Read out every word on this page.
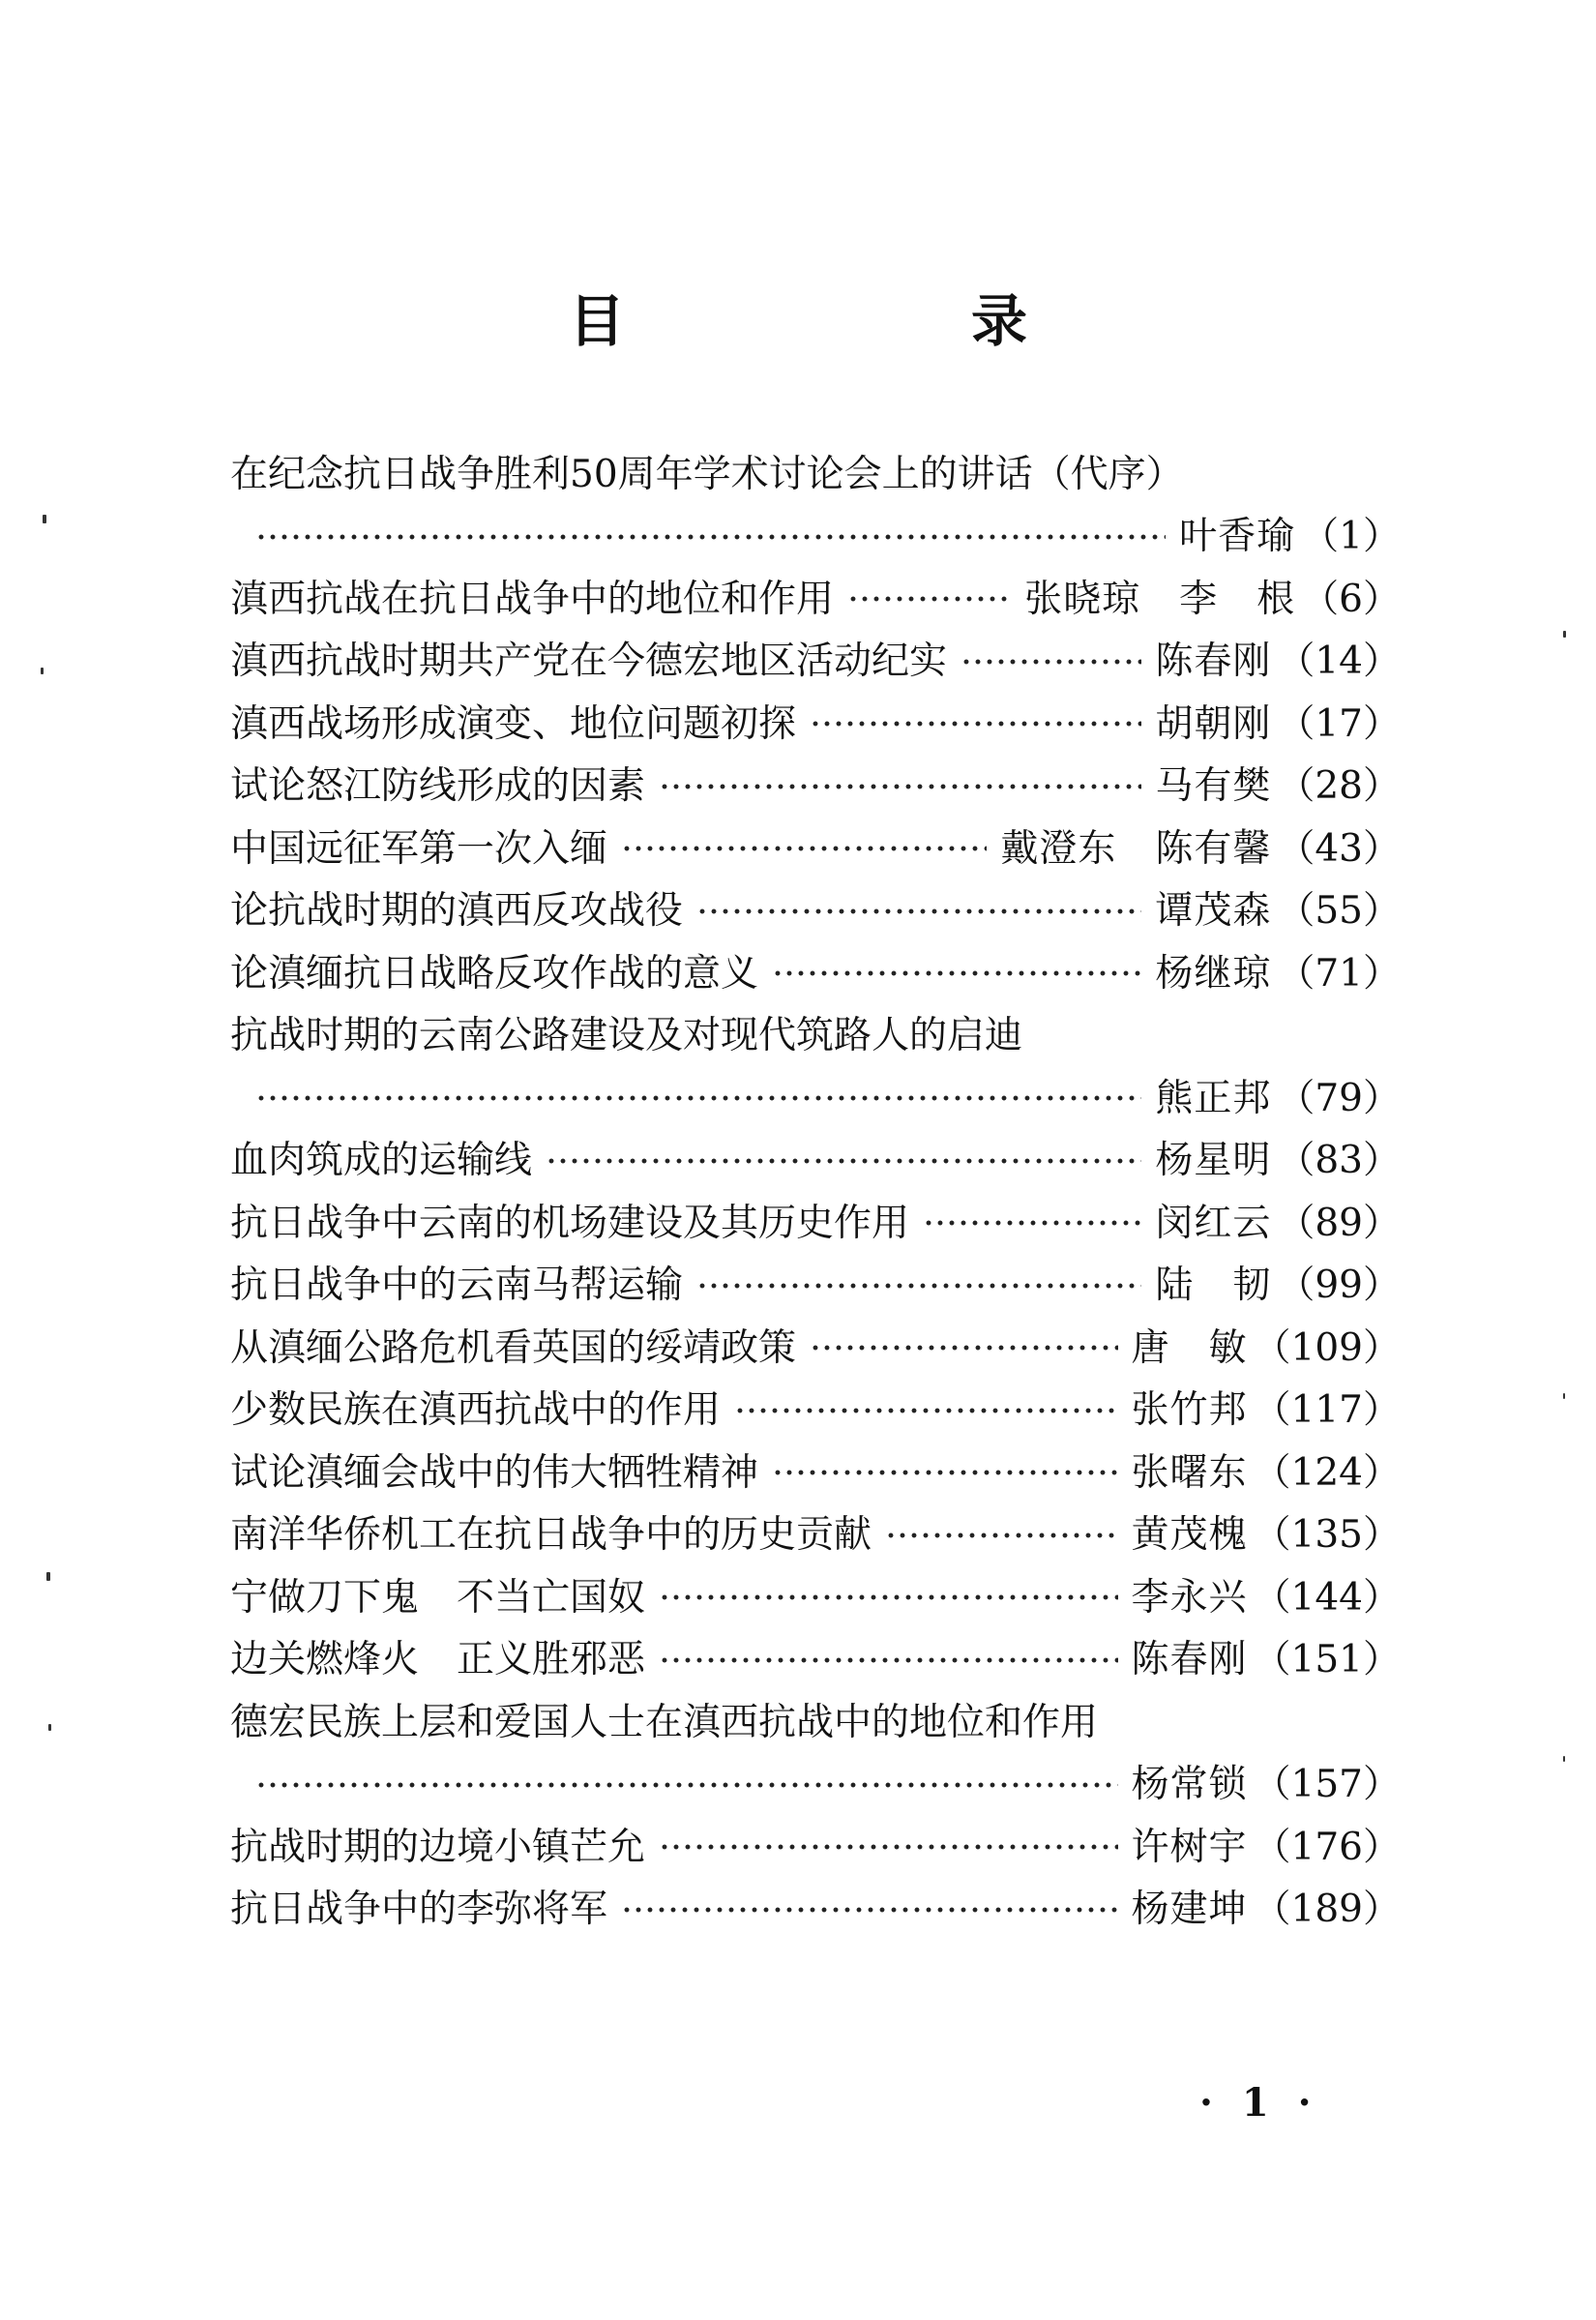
目　录
在纪念抗日战争胜利50周年学术讨论会上的讲话（代序）
叶香瑜 （1）
滇西抗战在抗日战争中的地位和作用	张晓琼　李　根 （6）
滇西抗战时期共产党在今德宏地区活动纪实	陈春刚 （14）
滇西战场形成演变、地位问题初探	胡朝刚 （17）
试论怒江防线形成的因素	马有樊 （28）
中国远征军第一次入缅	戴澄东　陈有馨 （43）
论抗战时期的滇西反攻战役	谭茂森 （55）
论滇缅抗日战略反攻作战的意义	杨继琼 （71）
抗战时期的云南公路建设及对现代筑路人的启迪
熊正邦 （79）
血肉筑成的运输线	杨星明 （83）
抗日战争中云南的机场建设及其历史作用	闵红云 （89）
抗日战争中的云南马帮运输	陆　韧 （99）
从滇缅公路危机看英国的绥靖政策	唐　敏 （109）
少数民族在滇西抗战中的作用	张竹邦 （117）
试论滇缅会战中的伟大牺牲精神	张曙东 （124）
南洋华侨机工在抗日战争中的历史贡献	黄茂槐 （135）
宁做刀下鬼　不当亡国奴	李永兴 （144）
边关燃烽火　正义胜邪恶	陈春刚 （151）
德宏民族上层和爱国人士在滇西抗战中的地位和作用
杨常锁 （157）
抗战时期的边境小镇芒允	许树宇 （176）
抗日战争中的李弥将军	杨建坤 （189）
· 1 ·
